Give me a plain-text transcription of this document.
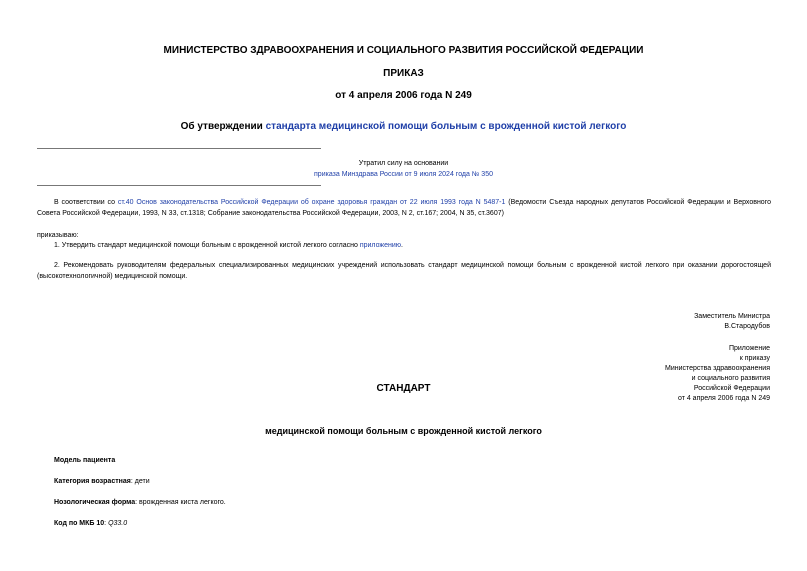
МИНИСТЕРСТВО ЗДРАВООХРАНЕНИЯ И СОЦИАЛЬНОГО РАЗВИТИЯ РОССИЙСКОЙ ФЕДЕРАЦИИ
ПРИКАЗ
от 4 апреля 2006 года N 249
Об утверждении стандарта медицинской помощи больным с врожденной кистой легкого
Утратил силу на основании
приказа Минздрава России от 9 июля 2024 года № 350
В соответствии со ст.40 Основ законодательства Российской Федерации об охране здоровья граждан от 22 июля 1993 года N 5487-1 (Ведомости Съезда народных депутатов Российской Федерации и Верховного Совета Российской Федерации, 1993, N 33, ст.1318; Собрание законодательства Российской Федерации, 2003, N 2, ст.167; 2004, N 35, ст.3607)
приказываю:
1. Утвердить стандарт медицинской помощи больным с врожденной кистой легкого согласно приложению.
2. Рекомендовать руководителям федеральных специализированных медицинских учреждений использовать стандарт медицинской помощи больным с врожденной кистой легкого при оказании дорогостоящей (высокотехнологичной) медицинской помощи.
Заместитель Министра
В.Стародубов
Приложение
к приказу
Министерства здравоохранения
и социального развития
Российской Федерации
от 4 апреля 2006 года N 249
СТАНДАРТ
медицинской помощи больным с врожденной кистой легкого
Модель пациента
Категория возрастная: дети
Нозологическая форма: врожденная киста легкого.
Код по МКБ 10: Q33.0
